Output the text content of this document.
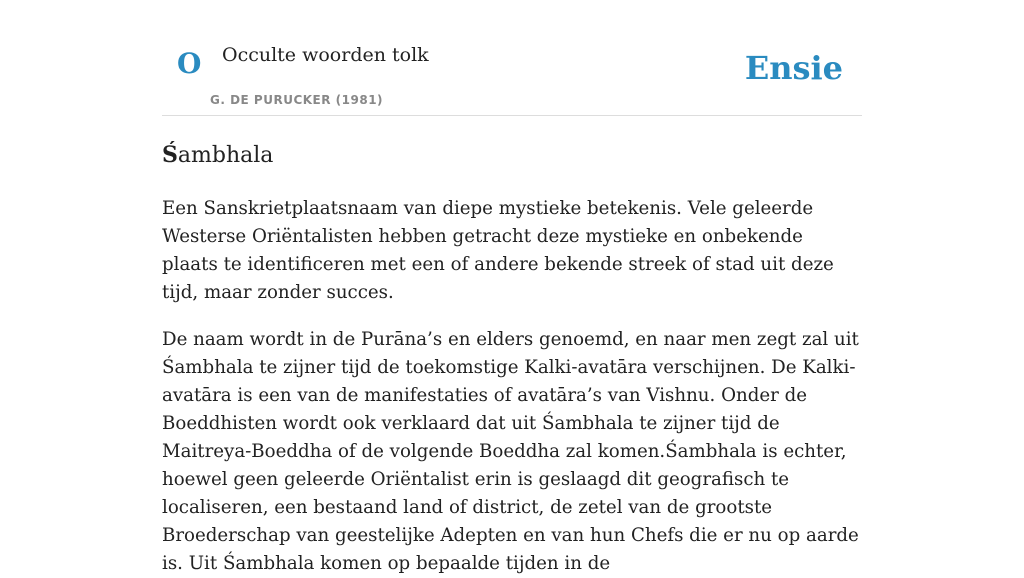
O Occulte woorden tolk
G. DE PURUCKER (1981)
Ensie
Śambhala

Een Sanskrietplaatsnaam van diepe mystieke betekenis. Vele geleerde Westerse Oriëntalisten hebben getracht deze mystieke en onbekende plaats te identificeren met een of andere bekende streek of stad uit deze tijd, maar zonder succes.

De naam wordt in de Purāna’s en elders genoemd, en naar men zegt zal uit Śambhala te zijner tijd de toekomstige Kalki-avatāra verschijnen. De Kalki-avatāra is een van de manifestaties of avatāra’s van Vishnu. Onder de Boeddhisten wordt ook verklaard dat uit Śambhala te zijner tijd de Maitreya-Boeddha of de volgende Boeddha zal komen.Śambhala is echter, hoewel geen geleerde Oriëntalist erin is geslaagd dit geografisch te localiseren, een bestaand land of district, de zetel van de grootste Broederschap van geestelijke Adepten en van hun Chefs die er nu op aarde is. Uit Śambhala komen op bepaalde tijden in de
